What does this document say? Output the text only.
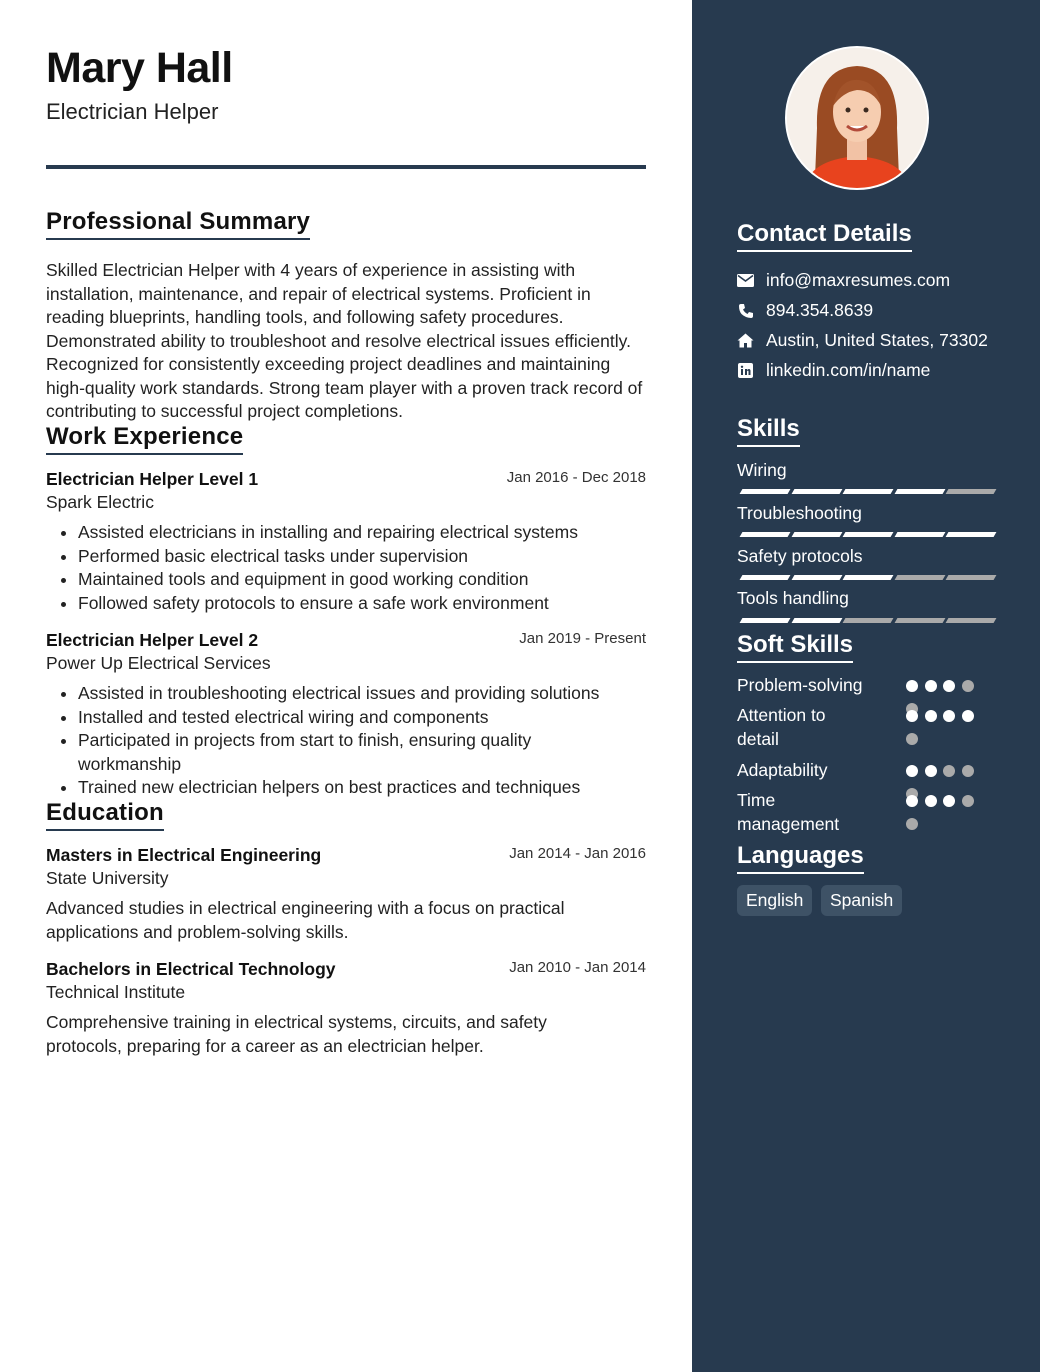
Mary Hall
Electrician Helper
Professional Summary

Skilled Electrician Helper with 4 years of experience in assisting with installation, maintenance, and repair of electrical systems. Proficient in reading blueprints, handling tools, and following safety procedures. Demonstrated ability to troubleshoot and resolve electrical issues efficiently. Recognized for consistently exceeding project deadlines and maintaining high-quality work standards. Strong team player with a proven track record of contributing to successful project completions.

Work Experience
Electrician Helper Level 1	Jan 2016 - Dec 2018
Spark Electric
• Assisted electricians in installing and repairing electrical systems
• Performed basic electrical tasks under supervision
• Maintained tools and equipment in good working condition
• Followed safety protocols to ensure a safe work environment
Electrician Helper Level 2	Jan 2019 - Present
Power Up Electrical Services
• Assisted in troubleshooting electrical issues and providing solutions
• Installed and tested electrical wiring and components
• Participated in projects from start to finish, ensuring quality workmanship
• Trained new electrician helpers on best practices and techniques
Education
Masters in Electrical Engineering	Jan 2014 - Jan 2016
State University

Advanced studies in electrical engineering with a focus on practical applications and problem-solving skills.

Bachelors in Electrical Technology	Jan 2010 - Jan 2014
Technical Institute

Comprehensive training in electrical systems, circuits, and safety protocols, preparing for a career as an electrician helper.

Contact Details
info@maxresumes.com
894.354.8639
Austin, United States, 73302
linkedin.com/in/name
Skills
Wiring
Troubleshooting
Safety protocols
Tools handling
Soft Skills
Problem-solving
Attention to detail
Adaptability
Time management
Languages
English	Spanish
